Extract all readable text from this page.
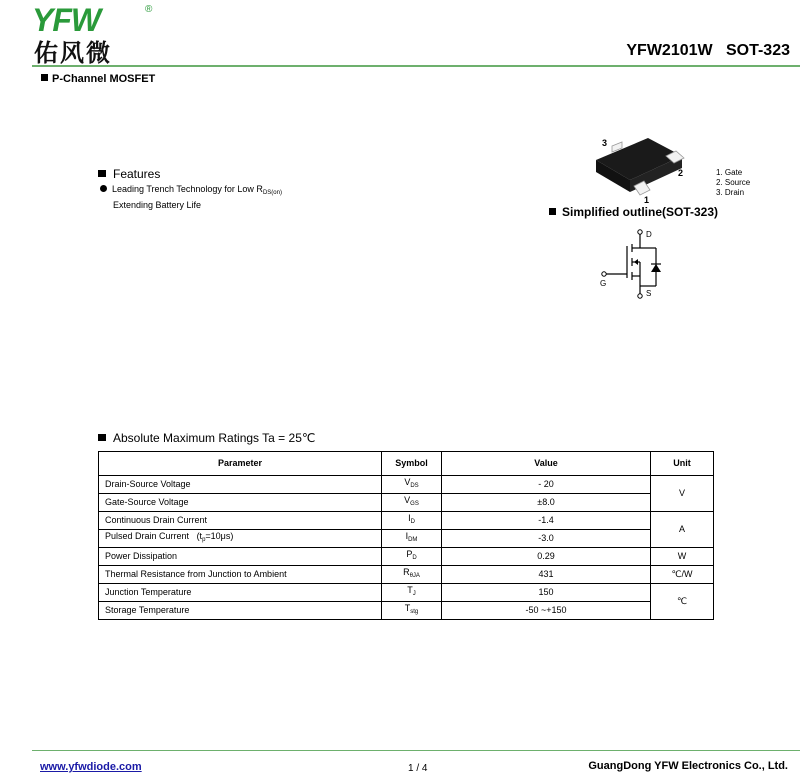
YFW	®
佑风微	YFW2101W SOT-323
P-Channel MOSFET
Features
Leading Trench Technology for Low $R_{DS(on)}$
Extending Battery Life
3
2
1
1. Gate
2. Source
3. Drain
Simplified outline(SOT-323)
D
G
S
Absolute Maximum Ratings Ta = 25℃
Parameter	Symbol	Value	Unit
Drain-Source Voltage	$V_{DS}$	- 20	V
Gate-Source Voltage	$V_{GS}$	±8.0	
Continuous Drain Current	$I_D$	-1.4	A
Pulsed Drain Current $(t_p=10\mu s)$	$I_{DM}$	-3.0	
Power Dissipation	$P_D$	0.29	W
Thermal Resistance from Junction to Ambient	$R_{\theta JA}$	431	℃/W
Junction Temperature	$T_J$	150	℃
Storage Temperature	$T_{stg}$	-50 ~+150	
www.yfwdiode.com	1 / 4	GuangDong YFW Electronics Co., Ltd.
